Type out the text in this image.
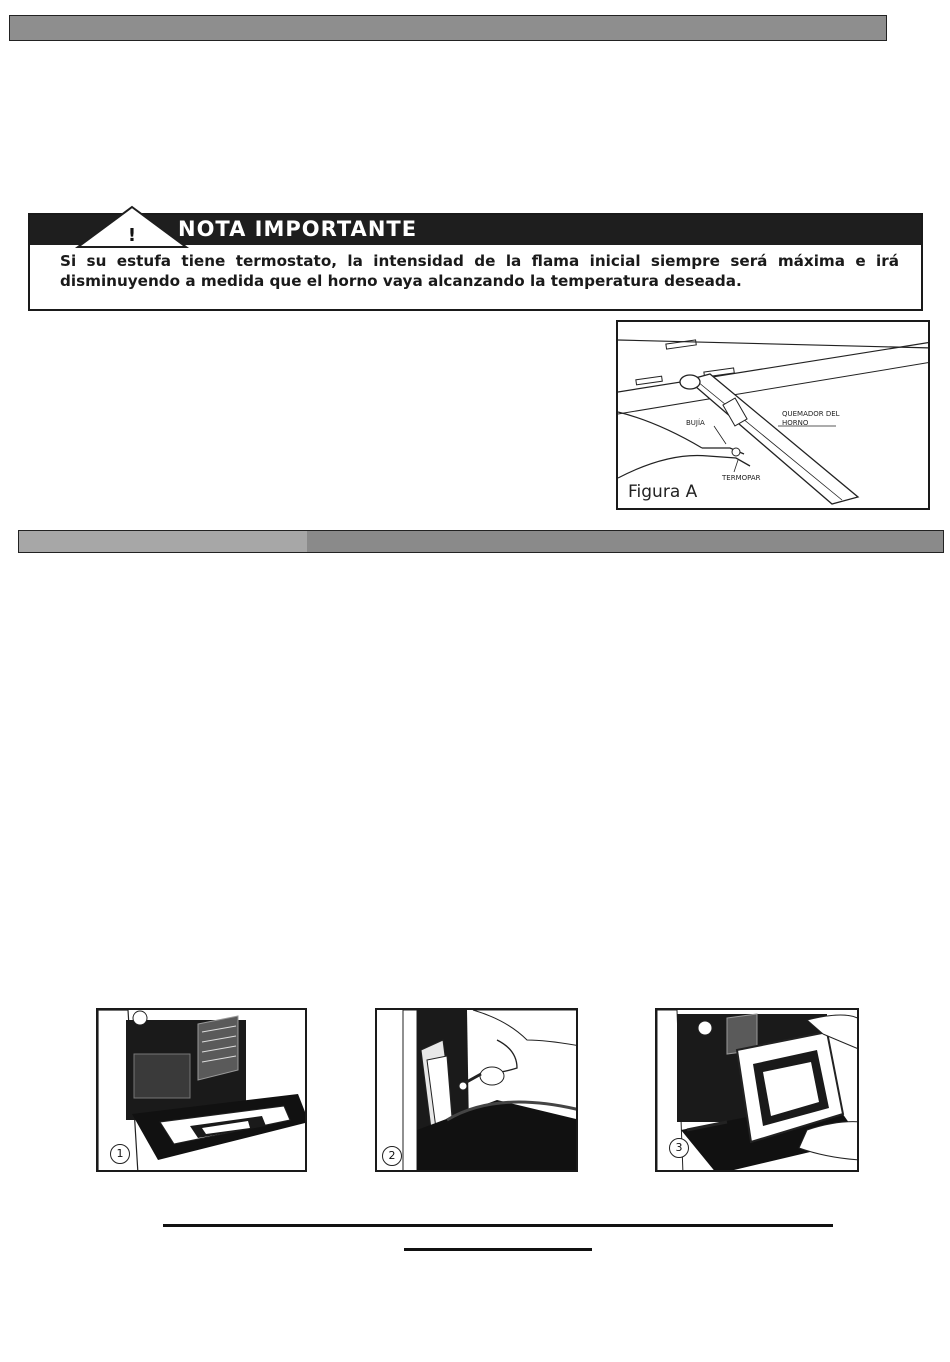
! NOTA IMPORTANTE
Si su estufa tiene termostato, la intensidad de la flama inicial siempre será máxima e irá disminuyendo a medida que el horno vaya alcanzando la temperatura deseada.
BUJÍA
QUEMADOR DEL HORNO
TERMOPAR
Figura A
1	2
3
